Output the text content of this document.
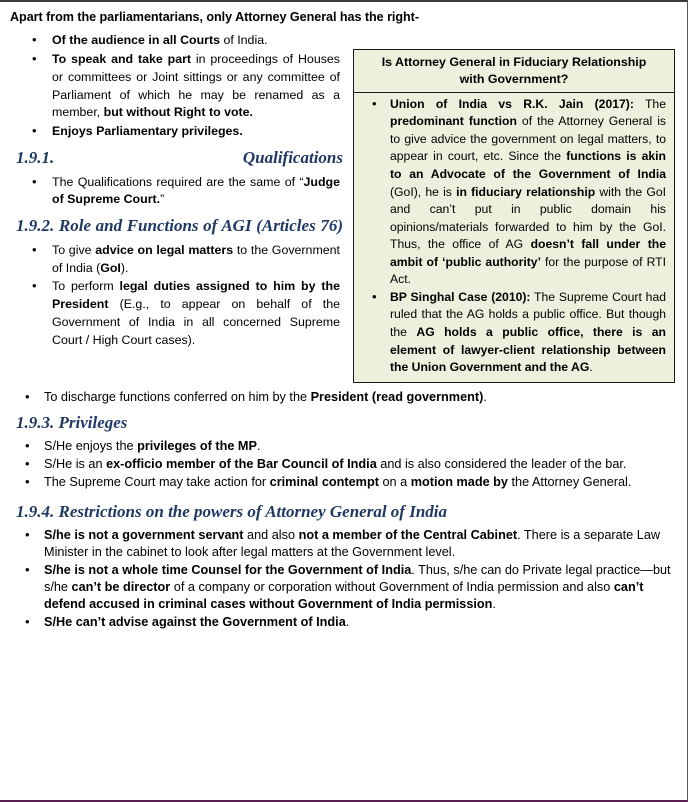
Apart from the parliamentarians, only Attorney General has the right-
Is Attorney General in Fiduciary Relationship with Government?
• Union of India vs R.K. Jain (2017): The predominant function of the Attorney General is to give advice the government on legal matters, to appear in court, etc. Since the functions is akin to an Advocate of the Government of India (GoI), he is in fiduciary relationship with the GoI and can’t put in public domain his opinions/materials forwarded to him by the GoI. Thus, the office of AG doesn’t fall under the ambit of ‘public authority’ for the purpose of RTI Act.
• BP Singhal Case (2010): The Supreme Court had ruled that the AG holds a public office. But though the AG holds a public office, there is an element of lawyer-client relationship between the Union Government and the AG.
• Of the audience in all Courts of India.
• To speak and take part in proceedings of Houses or committees or Joint sittings or any committee of Parliament of which he may be renamed as a member, but without Right to vote.
• Enjoys Parliamentary privileges.
1.9.1. Qualifications
• The Qualifications required are the same of “Judge of Supreme Court.”
1.9.2. Role and Functions of AGI (Articles 76)
• To give advice on legal matters to the Government of India (GoI).
• To perform legal duties assigned to him by the President (E.g., to appear on behalf of the Government of India in all concerned Supreme Court / High Court cases).
• To discharge functions conferred on him by the President (read government).
1.9.3. Privileges
• S/He enjoys the privileges of the MP.
• S/He is an ex-officio member of the Bar Council of India and is also considered the leader of the bar.
• The Supreme Court may take action for criminal contempt on a motion made by the Attorney General.
1.9.4. Restrictions on the powers of Attorney General of India
• S/he is not a government servant and also not a member of the Central Cabinet. There is a separate Law Minister in the cabinet to look after legal matters at the Government level.
• S/he is not a whole time Counsel for the Government of India. Thus, s/he can do Private legal practice—but s/he can’t be director of a company or corporation without Government of India permission and also can’t defend accused in criminal cases without Government of India permission.
• S/He can’t advise against the Government of India.
